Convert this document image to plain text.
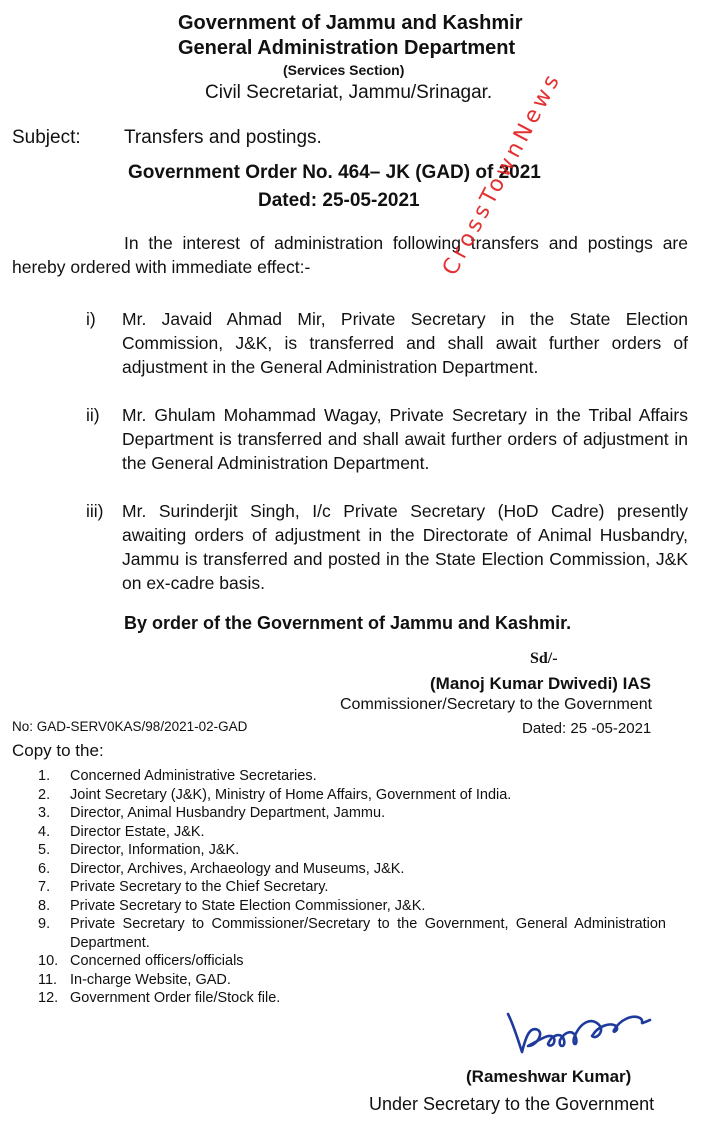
Government of Jammu and Kashmir
General Administration Department
(Services Section)
Civil Secretariat, Jammu/Srinagar.
Subject: Transfers and postings.
Government Order No. 464– JK (GAD) of 2021
Dated: 25-05-2021
In the interest of administration following transfers and postings are hereby ordered with immediate effect:-
i) Mr. Javaid Ahmad Mir, Private Secretary in the State Election Commission, J&K, is transferred and shall await further orders of adjustment in the General Administration Department.
ii) Mr. Ghulam Mohammad Wagay, Private Secretary in the Tribal Affairs Department is transferred and shall await further orders of adjustment in the General Administration Department.
iii) Mr. Surinderjit Singh, I/c Private Secretary (HoD Cadre) presently awaiting orders of adjustment in the Directorate of Animal Husbandry, Jammu is transferred and posted in the State Election Commission, J&K on ex-cadre basis.
By order of the Government of Jammu and Kashmir.
Sd/-
(Manoj Kumar Dwivedi) IAS
Commissioner/Secretary to the Government
Dated: 25 -05-2021
No: GAD-SERV0KAS/98/2021-02-GAD
Copy to the:
1.	Concerned Administrative Secretaries.
2.	Joint Secretary (J&K), Ministry of Home Affairs, Government of India.
3.	Director, Animal Husbandry Department, Jammu.
4.	Director Estate, J&K.
5.	Director, Information, J&K.
6.	Director, Archives, Archaeology and Museums, J&K.
7.	Private Secretary to the Chief Secretary.
8.	Private Secretary to State Election Commissioner, J&K.
9.	Private Secretary to Commissioner/Secretary to the Government, General Administration Department.
10. Concerned officers/officials
11. In-charge Website, GAD.
12. Government Order file/Stock file.
(Rameshwar Kumar)
Under Secretary to the Government
CrossTownNews
